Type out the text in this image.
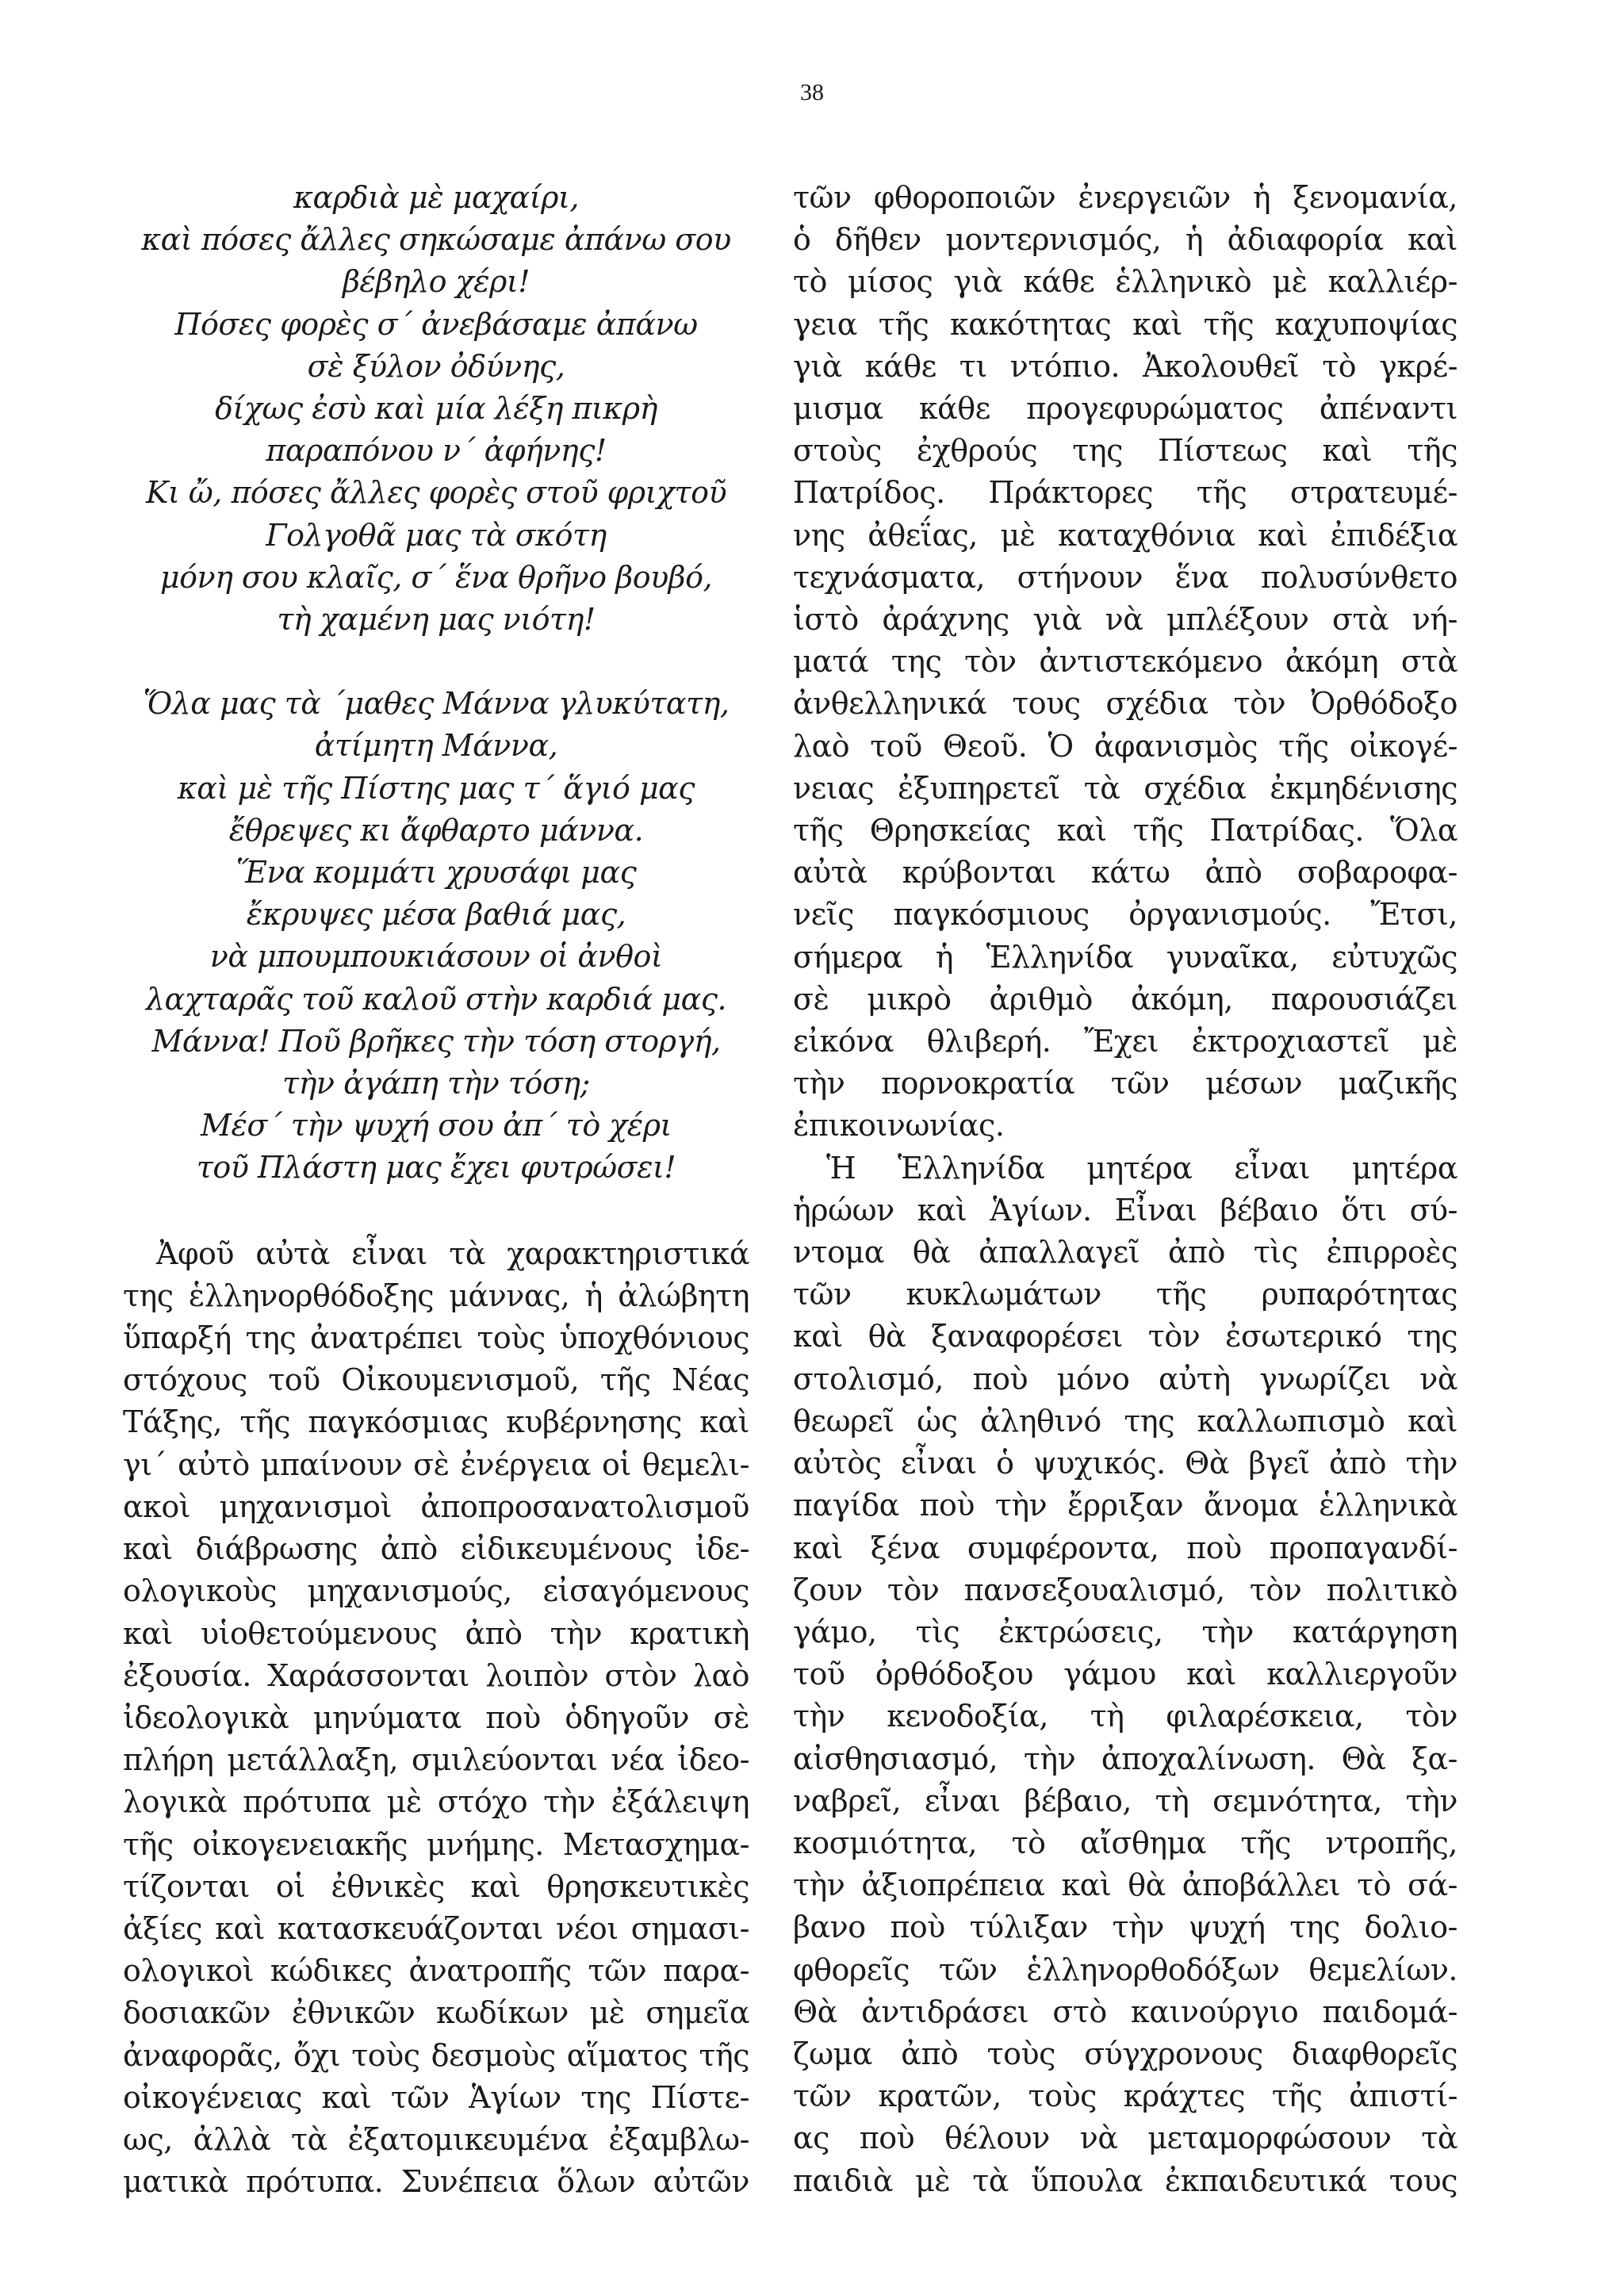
38
καρδιὰ μὲ μαχαίρι,
καὶ πόσες ἄλλες σηκώσαμε ἀπάνω σου
βέβηλο χέρι!
Πόσες φορὲς σ΄ ἀνεβάσαμε ἀπάνω
σὲ ξύλον ὀδύνης,
δίχως ἐσὺ καὶ μία λέξη πικρὴ
παραπόνου ν΄ ἀφήνης!
Κι ὤ, πόσες ἄλλες φορὲς στοῦ φριχτοῦ
Γολγοθᾶ μας τὰ σκότη
μόνη σου κλαῖς, σ΄ ἕνα θρῆνο βουβό,
τὴ χαμένη μας νιότη!
Ὅλα μας τὰ ΄μαθες Μάννα γλυκύτατη,
ἀτίμητη Μάννα,
καὶ μὲ τῆς Πίστης μας τ΄ ἅγιό μας
ἔθρεψες κι ἄφθαρτο μάννα.
Ἕνα κομμάτι χρυσάφι μας
ἔκρυψες μέσα βαθιά μας,
νὰ μπουμπουκιάσουν οἱ ἀνθοὶ
λαχταρᾶς τοῦ καλοῦ στὴν καρδιά μας.
Μάννα! Ποῦ βρῆκες τὴν τόση στοργή,
τὴν ἀγάπη τὴν τόση;
Μέσ΄ τὴν ψυχή σου ἀπ΄ τὸ χέρι
τοῦ Πλάστη μας ἔχει φυτρώσει!
Ἀφοῦ αὐτὰ εἶναι τὰ χαρακτηριστικά
της ἑλληνορθόδοξης μάννας, ἡ ἀλώβητη
ὕπαρξή της ἀνατρέπει τοὺς ὑποχθόνιους
στόχους τοῦ Οἰκουμενισμοῦ, τῆς Νέας
Τάξης, τῆς παγκόσμιας κυβέρνησης καὶ
γι΄ αὐτὸ μπαίνουν σὲ ἐνέργεια οἱ θεμελι-
ακοὶ μηχανισμοὶ ἀποπροσανατολισμοῦ
καὶ διάβρωσης ἀπὸ εἰδικευμένους ἰδε-
ολογικοὺς μηχανισμούς, εἰσαγόμενους
καὶ υἱοθετούμενους ἀπὸ τὴν κρατικὴ
ἐξουσία. Χαράσσονται λοιπὸν στὸν λαὸ
ἰδεολογικὰ μηνύματα ποὺ ὁδηγοῦν σὲ
πλήρη μετάλλαξη, σμιλεύονται νέα ἰδεο-
λογικὰ πρότυπα μὲ στόχο τὴν ἐξάλειψη
τῆς οἰκογενειακῆς μνήμης. Μετασχημα-
τίζονται οἱ ἐθνικὲς καὶ θρησκευτικὲς
ἀξίες καὶ κατασκευάζονται νέοι σημασι-
ολογικοὶ κώδικες ἀνατροπῆς τῶν παρα-
δοσιακῶν ἐθνικῶν κωδίκων μὲ σημεῖα
ἀναφορᾶς, ὄχι τοὺς δεσμοὺς αἵματος τῆς
οἰκογένειας καὶ τῶν Ἁγίων της Πίστε-
ως, ἀλλὰ τὰ ἐξατομικευμένα ἐξαμβλω-
ματικὰ πρότυπα. Συνέπεια ὅλων αὐτῶν
τῶν φθοροποιῶν ἐνεργειῶν ἡ ξενομανία,
ὁ δῆθεν μοντερνισμός, ἡ ἀδιαφορία καὶ
τὸ μίσος γιὰ κάθε ἑλληνικὸ μὲ καλλιέρ-
γεια τῆς κακότητας καὶ τῆς καχυποψίας
γιὰ κάθε τι ντόπιο. Ἀκολουθεῖ τὸ γκρέ-
μισμα κάθε προγεφυρώματος ἀπέναντι
στοὺς ἐχθρούς της Πίστεως καὶ τῆς
Πατρίδος. Πράκτορες τῆς στρατευμέ-
νης ἀθεΐας, μὲ καταχθόνια καὶ ἐπιδέξια
τεχνάσματα, στήνουν ἕνα πολυσύνθετο
ἱστὸ ἀράχνης γιὰ νὰ μπλέξουν στὰ νή-
ματά της τὸν ἀντιστεκόμενο ἀκόμη στὰ
ἀνθελληνικά τους σχέδια τὸν Ὀρθόδοξο
λαὸ τοῦ Θεοῦ. Ὁ ἀφανισμὸς τῆς οἰκογέ-
νειας ἐξυπηρετεῖ τὰ σχέδια ἐκμηδένισης
τῆς Θρησκείας καὶ τῆς Πατρίδας. Ὅλα
αὐτὰ κρύβονται κάτω ἀπὸ σοβαροφα-
νεῖς παγκόσμιους ὀργανισμούς. Ἔτσι,
σήμερα ἡ Ἑλληνίδα γυναῖκα, εὐτυχῶς
σὲ μικρὸ ἀριθμὸ ἀκόμη, παρουσιάζει
εἰκόνα θλιβερή. Ἔχει ἐκτροχιαστεῖ μὲ
τὴν πορνοκρατία τῶν μέσων μαζικῆς
ἐπικοινωνίας.
Ἡ Ἑλληνίδα μητέρα εἶναι μητέρα
ἡρώων καὶ Ἁγίων. Εἶναι βέβαιο ὅτι σύ-
ντομα θὰ ἀπαλλαγεῖ ἀπὸ τὶς ἐπιρροὲς
τῶν κυκλωμάτων τῆς ρυπαρότητας
καὶ θὰ ξαναφορέσει τὸν ἐσωτερικό της
στολισμό, ποὺ μόνο αὐτὴ γνωρίζει νὰ
θεωρεῖ ὡς ἀληθινό της καλλωπισμὸ καὶ
αὐτὸς εἶναι ὁ ψυχικός. Θὰ βγεῖ ἀπὸ τὴν
παγίδα ποὺ τὴν ἔρριξαν ἄνομα ἑλληνικὰ
καὶ ξένα συμφέροντα, ποὺ προπαγανδί-
ζουν τὸν πανσεξουαλισμό, τὸν πολιτικὸ
γάμο, τὶς ἐκτρώσεις, τὴν κατάργηση
τοῦ ὀρθόδοξου γάμου καὶ καλλιεργοῦν
τὴν κενοδοξία, τὴ φιλαρέσκεια, τὸν
αἰσθησιασμό, τὴν ἀποχαλίνωση. Θὰ ξα-
ναβρεῖ, εἶναι βέβαιο, τὴ σεμνότητα, τὴν
κοσμιότητα, τὸ αἴσθημα τῆς ντροπῆς,
τὴν ἀξιοπρέπεια καὶ θὰ ἀποβάλλει τὸ σά-
βανο ποὺ τύλιξαν τὴν ψυχή της δολιο-
φθορεῖς τῶν ἑλληνορθοδόξων θεμελίων.
Θὰ ἀντιδράσει στὸ καινούργιο παιδομά-
ζωμα ἀπὸ τοὺς σύγχρονους διαφθορεῖς
τῶν κρατῶν, τοὺς κράχτες τῆς ἀπιστί-
ας ποὺ θέλουν νὰ μεταμορφώσουν τὰ
παιδιὰ μὲ τὰ ὕπουλα ἐκπαιδευτικά τους
